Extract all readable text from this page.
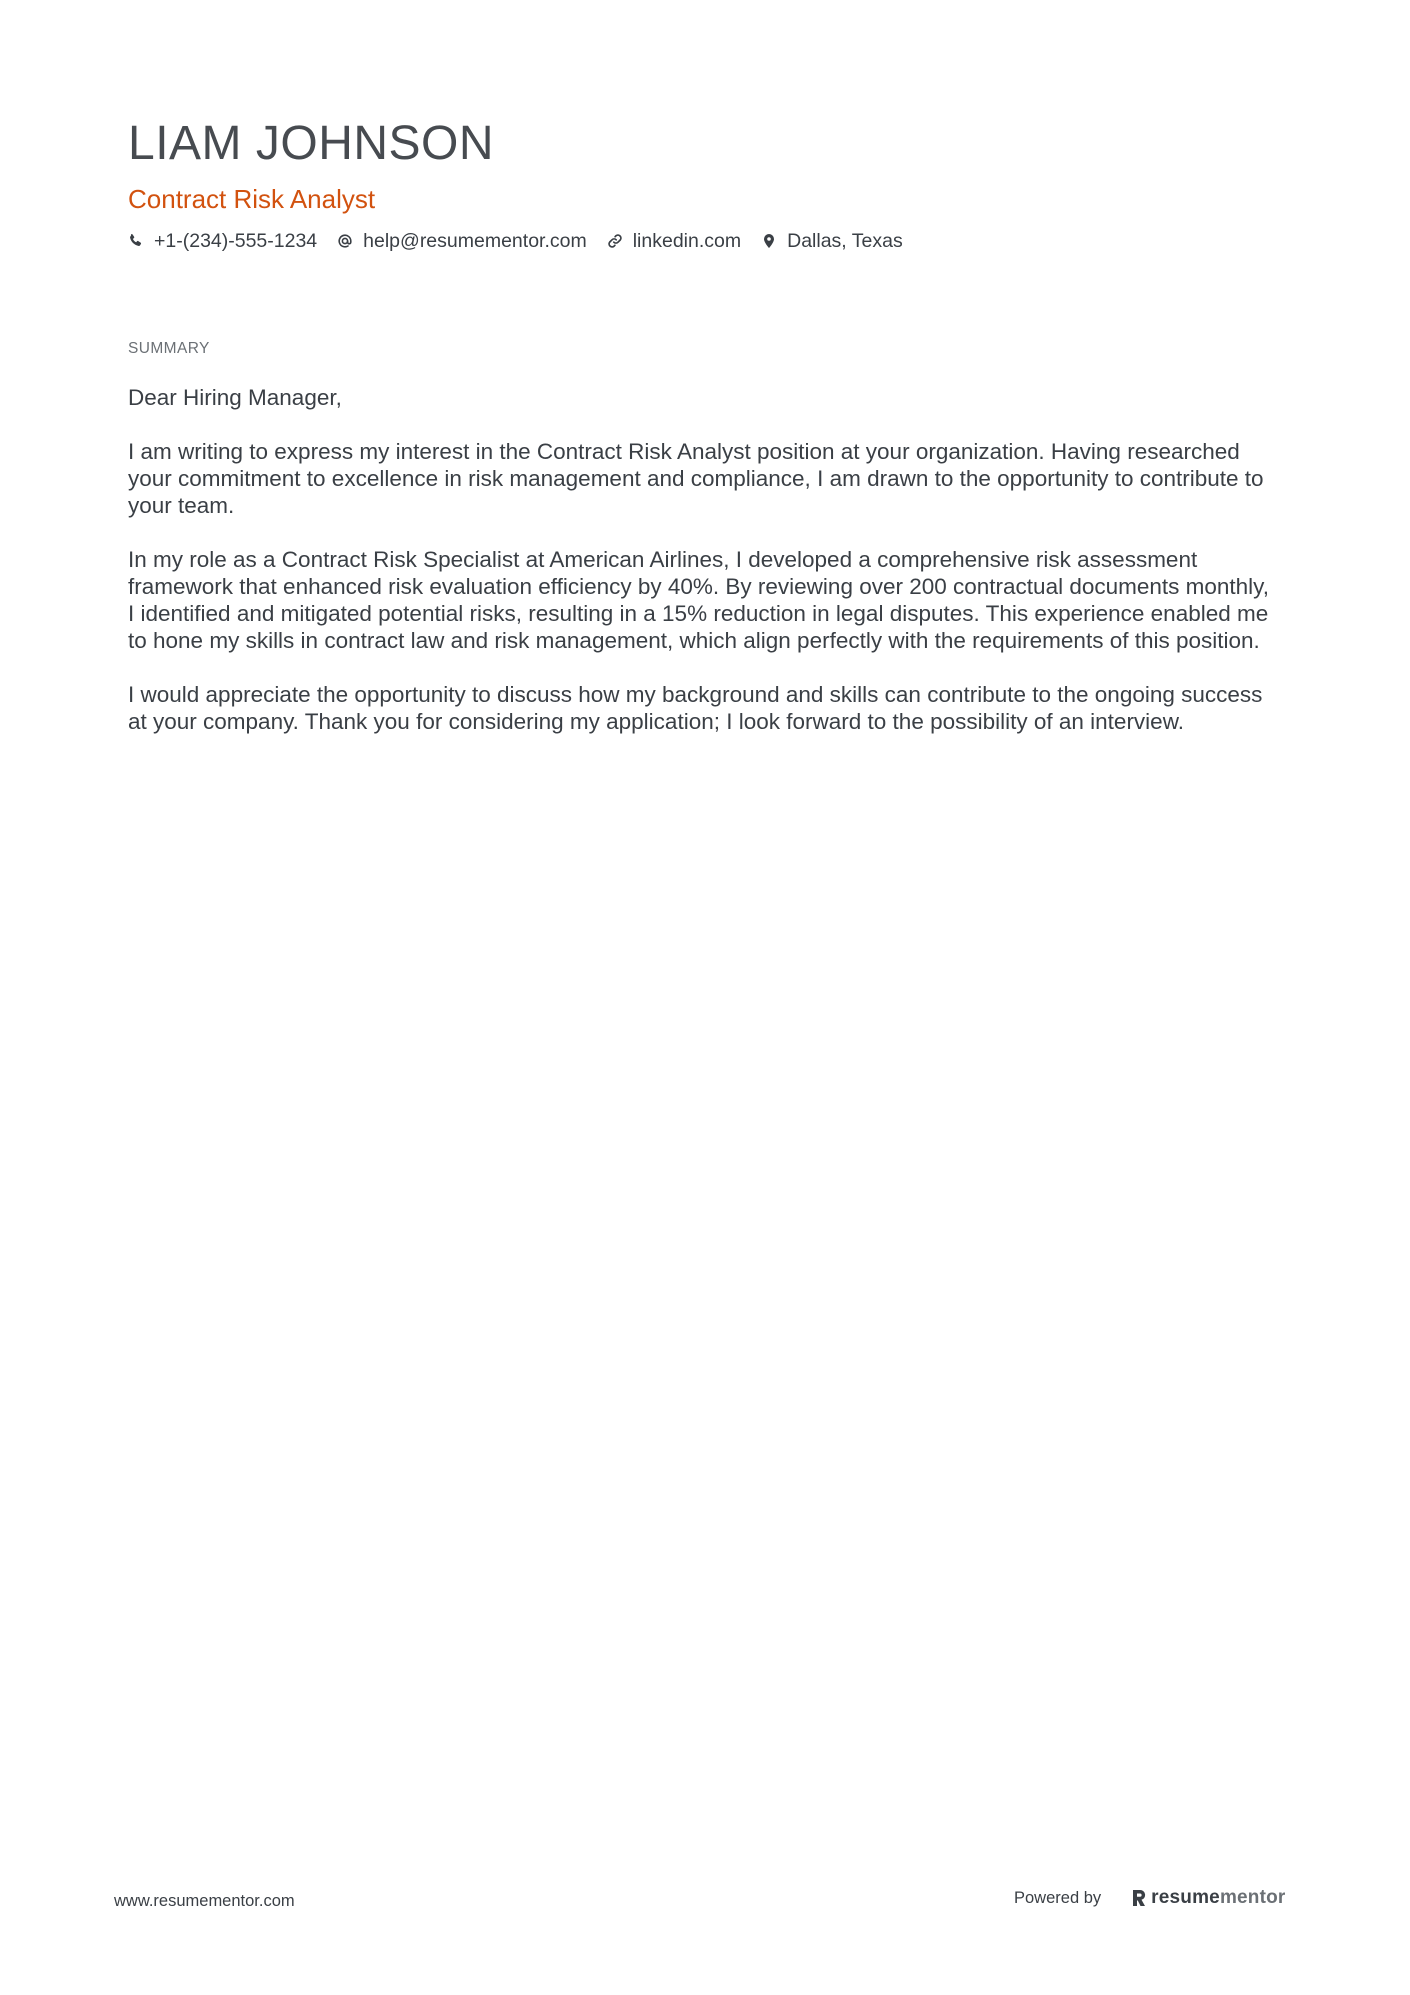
LIAM JOHNSON
Contract Risk Analyst
+1-(234)-555-1234 help@resumementor.com linkedin.com Dallas, Texas
SUMMARY

Dear Hiring Manager,

I am writing to express my interest in the Contract Risk Analyst position at your organization. Having researched your commitment to excellence in risk management and compliance, I am drawn to the opportunity to contribute to your team.

In my role as a Contract Risk Specialist at American Airlines, I developed a comprehensive risk assessment framework that enhanced risk evaluation efficiency by 40%. By reviewing over 200 contractual documents monthly, I identified and mitigated potential risks, resulting in a 15% reduction in legal disputes. This experience enabled me to hone my skills in contract law and risk management, which align perfectly with the requirements of this position.

I would appreciate the opportunity to discuss how my background and skills can contribute to the ongoing success at your company. Thank you for considering my application; I look forward to the possibility of an interview.

www.resumementor.com	Powered by	resume mentor
